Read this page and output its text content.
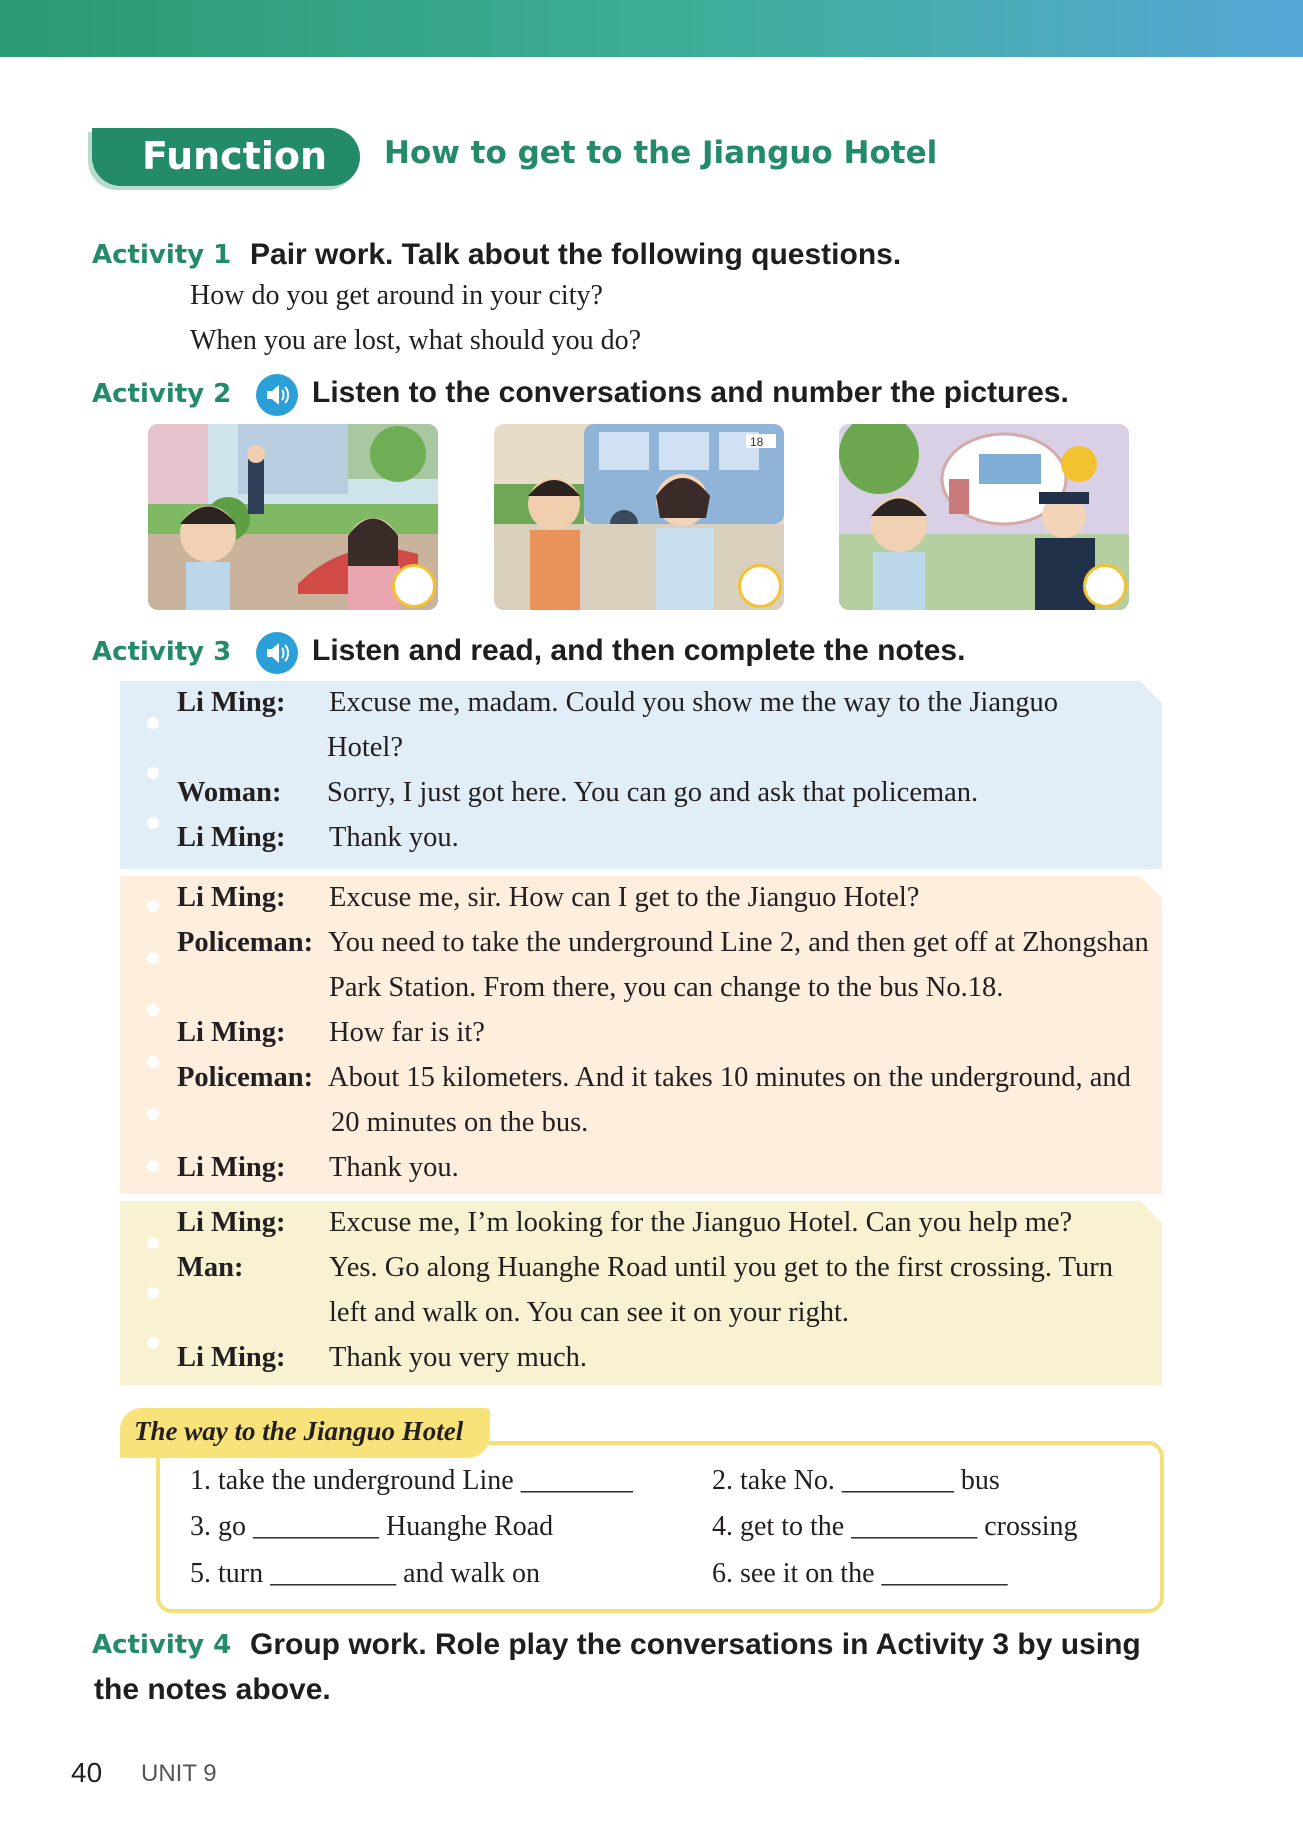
Function How to get to the Jianguo Hotel
Activity 1 Pair work. Talk about the following questions.
How do you get around in your city?
When you are lost, what should you do?
Activity 2	Listen to the conversations and number the pictures.
18
Activity 3	Listen and read, and then complete the notes.
Li Ming: Excuse me, madam. Could you show me the way to the Jianguo
Hotel?
Woman: Sorry, I just got here. You can go and ask that policeman.
Li Ming: Thank you.
Li Ming: Excuse me, sir. How can I get to the Jianguo Hotel?
Policeman: You need to take the underground Line 2, and then get off at Zhongshan
Park Station. From there, you can change to the bus No.18.
Li Ming: How far is it?
Policeman: About 15 kilometers. And it takes 10 minutes on the underground, and
20 minutes on the bus.
Li Ming: Thank you.
Li Ming: Excuse me, I’m looking for the Jianguo Hotel. Can you help me?
Man:	Yes. Go along Huanghe Road until you get to the first crossing. Turn
left and walk on. You can see it on your right.
Li Ming: Thank you very much.
The way to the Jianguo Hotel
1. take the underground Line ________	2. take No. ________ bus
3. go _________ Huanghe Road	4. get to the _________ crossing
5. turn _________ and walk on	6. see it on the _________
Activity 4 Group work. Role play the conversations in Activity 3 by using
the notes above.
40 UNIT 9
